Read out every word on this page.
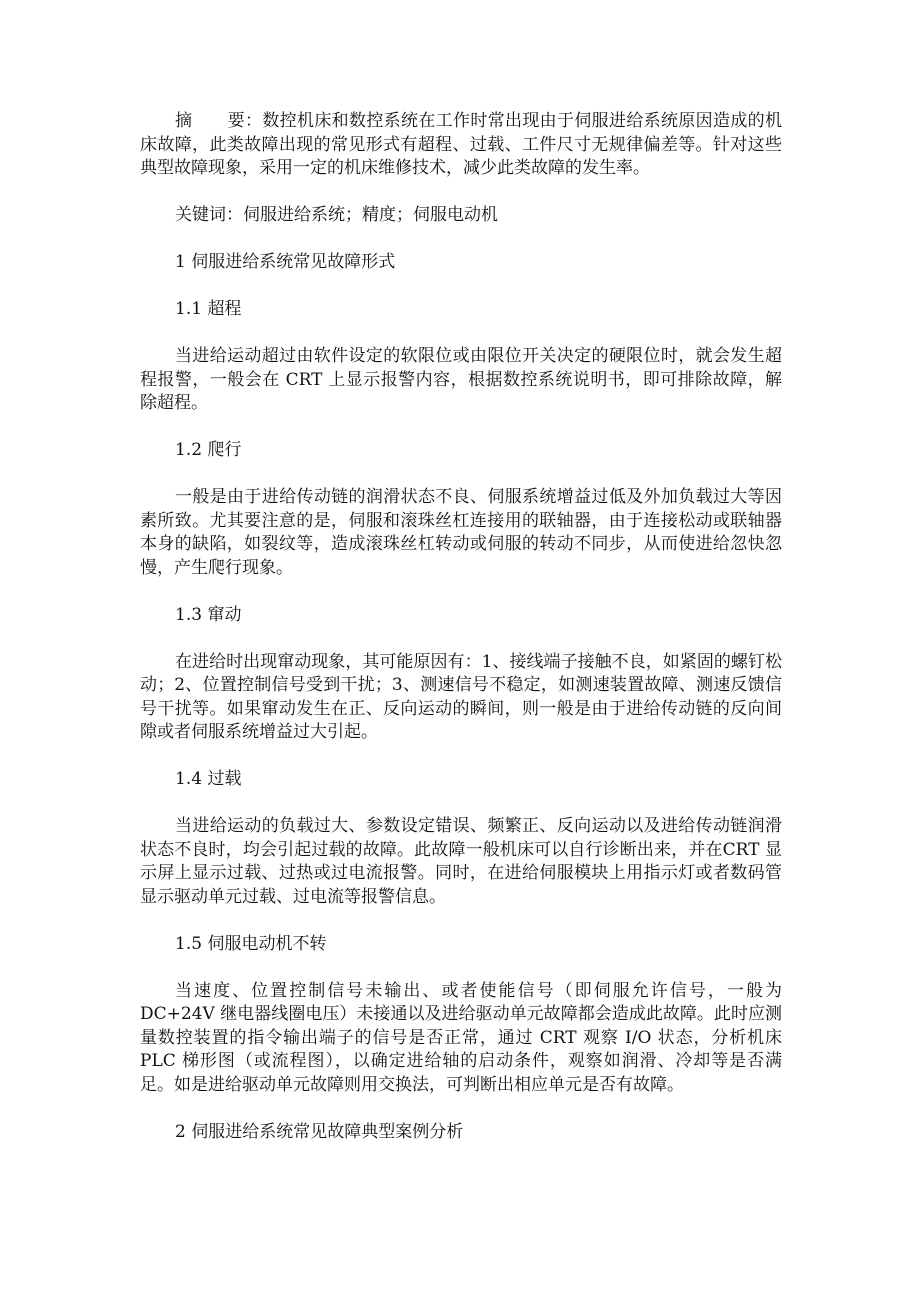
摘 要：数控机床和数控系统在工作时常出现由于伺服进给系统原因造成的机床故障，此类故障出现的常见形式有超程、过载、工件尺寸无规律偏差等。针对这些典型故障现象，采用一定的机床维修技术，减少此类故障的发生率。

关键词：伺服进给系统；精度；伺服电动机

1 伺服进给系统常见故障形式

1.1 超程

当进给运动超过由软件设定的软限位或由限位开关决定的硬限位时，就会发生超程报警，一般会在 CRT 上显示报警内容，根据数控系统说明书，即可排除故障，解除超程。

1.2 爬行

一般是由于进给传动链的润滑状态不良、伺服系统增益过低及外加负载过大等因素所致。尤其要注意的是，伺服和滚珠丝杠连接用的联轴器，由于连接松动或联轴器本身的缺陷，如裂纹等，造成滚珠丝杠转动或伺服的转动不同步，从而使进给忽快忽慢，产生爬行现象。

1.3 窜动

在进给时出现窜动现象，其可能原因有：1、接线端子接触不良，如紧固的螺钉松动；2、位置控制信号受到干扰；3、测速信号不稳定，如测速装置故障、测速反馈信号干扰等。如果窜动发生在正、反向运动的瞬间，则一般是由于进给传动链的反向间隙或者伺服系统增益过大引起。

1.4 过载

当进给运动的负载过大、参数设定错误、频繁正、反向运动以及进给传动链润滑状态不良时，均会引起过载的故障。此故障一般机床可以自行诊断出来，并在CRT 显示屏上显示过载、过热或过电流报警。同时，在进给伺服模块上用指示灯或者数码管显示驱动单元过载、过电流等报警信息。

1.5 伺服电动机不转

当速度、位置控制信号未输出、或者使能信号（即伺服允许信号，一般为DC+24V 继电器线圈电压）未接通以及进给驱动单元故障都会造成此故障。此时应测量数控装置的指令输出端子的信号是否正常，通过 CRT 观察 I/O 状态，分析机床PLC 梯形图（或流程图），以确定进给轴的启动条件，观察如润滑、冷却等是否满足。如是进给驱动单元故障则用交换法，可判断出相应单元是否有故障。

2 伺服进给系统常见故障典型案例分析
